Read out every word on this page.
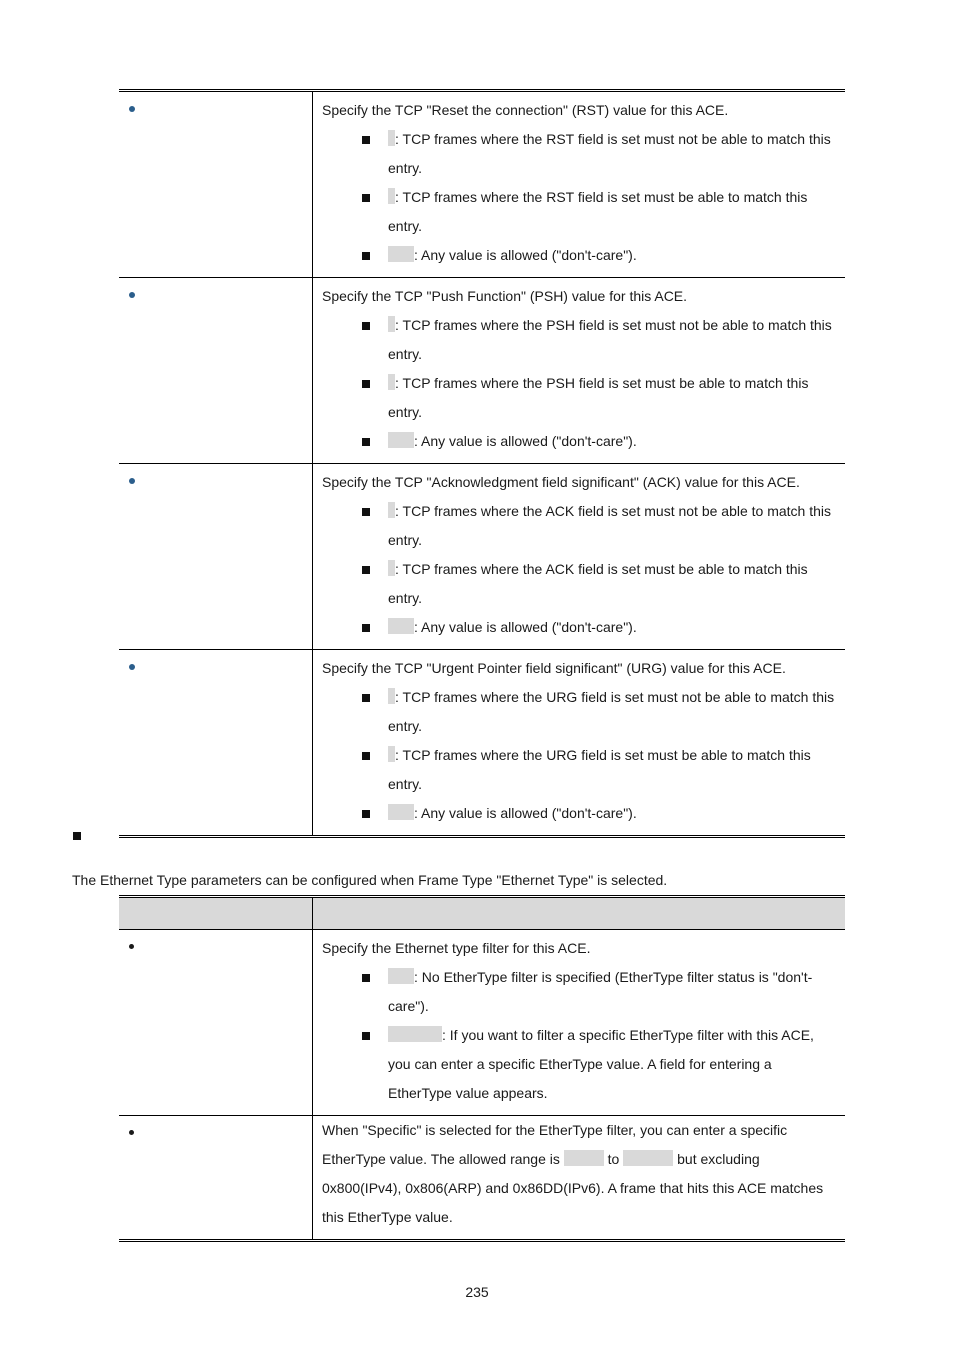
Specify the TCP "Reset the connection" (RST) value for this ACE.

: TCP frames where the RST field is set must not be able to match this entry.
: TCP frames where the RST field is set must be able to match this entry.
: Any value is allowed ("don't-care").

Specify the TCP "Push Function" (PSH) value for this ACE.

: TCP frames where the PSH field is set must not be able to match this entry.
: TCP frames where the PSH field is set must be able to match this entry.
: Any value is allowed ("don't-care").

Specify the TCP "Acknowledgment field significant" (ACK) value for this ACE.

: TCP frames where the ACK field is set must not be able to match this entry.
: TCP frames where the ACK field is set must be able to match this entry.
: Any value is allowed ("don't-care").

Specify the TCP "Urgent Pointer field significant" (URG) value for this ACE.

: TCP frames where the URG field is set must not be able to match this entry.
: TCP frames where the URG field is set must be able to match this entry.
: Any value is allowed ("don't-care").
The Ethernet Type parameters can be configured when Frame Type "Ethernet Type" is selected.

Specify the Ethernet type filter for this ACE.

: No EtherType filter is specified (EtherType filter status is "don't-care").
: If you want to filter a specific EtherType filter with this ACE, you can enter a specific EtherType value. A field for entering a EtherType value appears.

When "Specific" is selected for the EtherType filter, you can enter a specific EtherType value. The allowed range is	to	but excluding 0x800(IPv4), 0x806(ARP) and 0x86DD(IPv6). A frame that hits this ACE matches this EtherType value.

235
